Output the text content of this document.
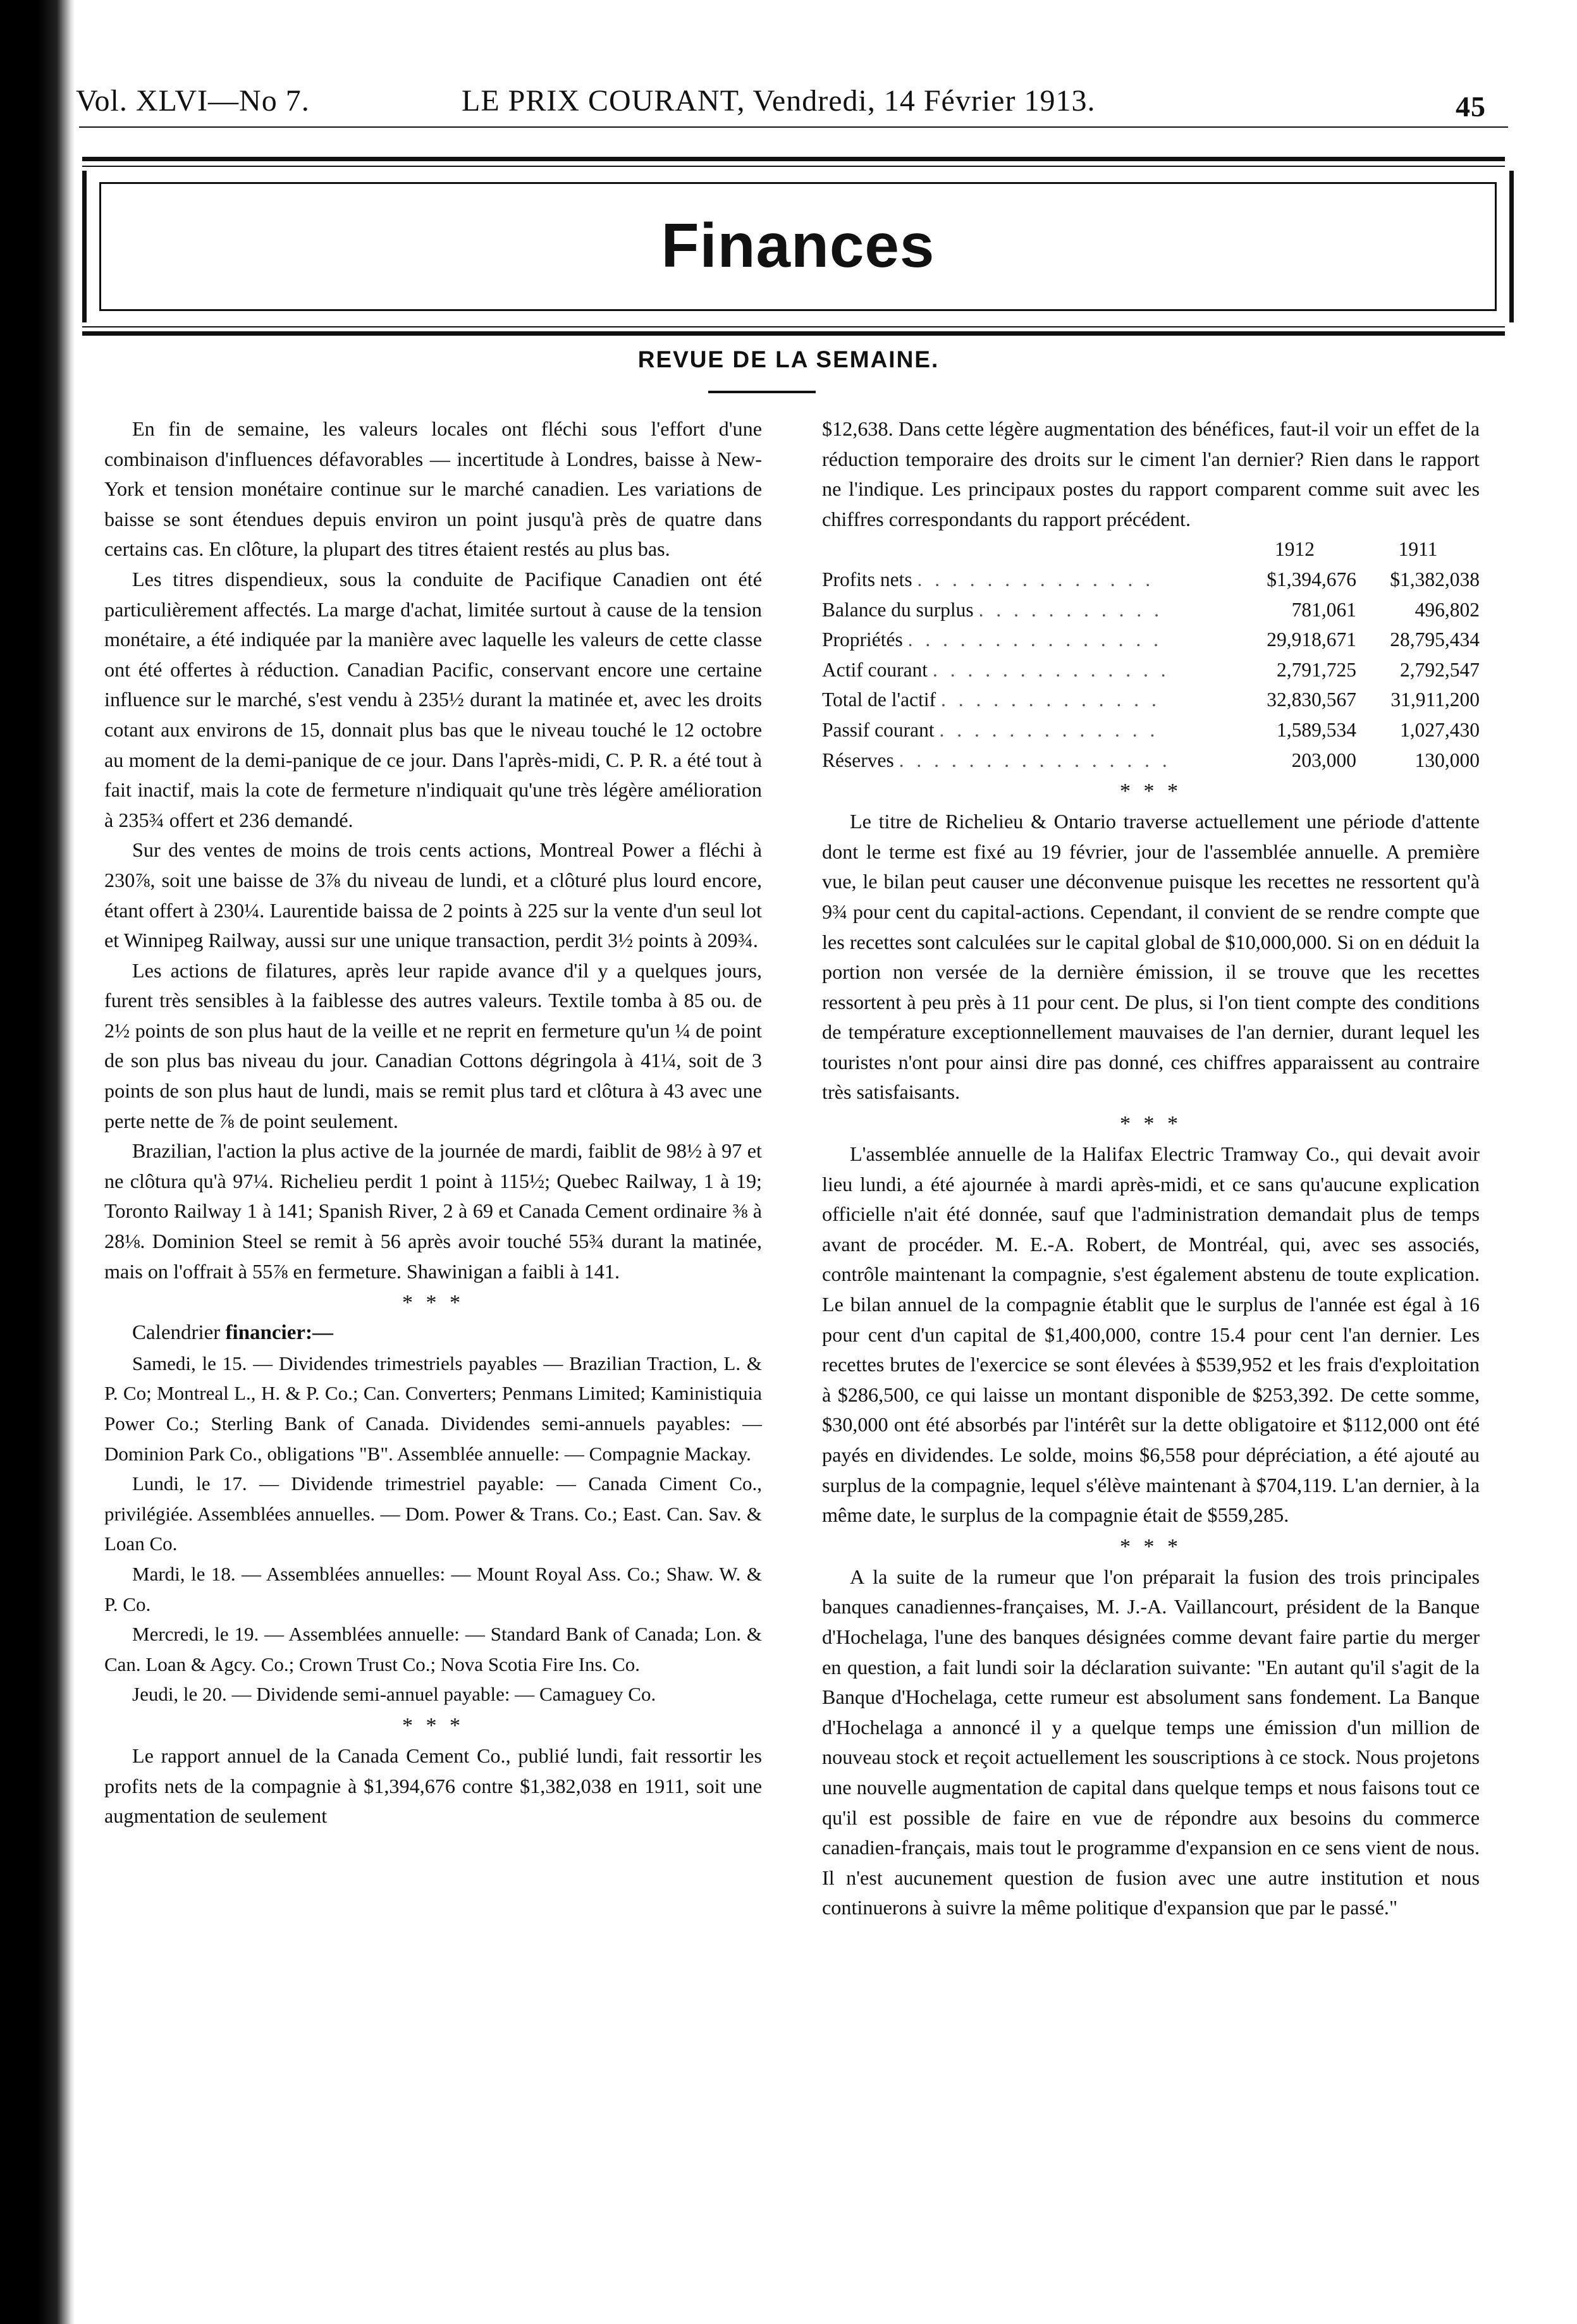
Vol. XLVI—No 7.	LE PRIX COURANT, Vendredi, 14 Février 1913.	45
Finances
REVUE DE LA SEMAINE.

En fin de semaine, les valeurs locales ont fléchi sous l'effort d'une combinaison d'influences défavorables — incertitude à Londres, baisse à New-York et tension monétaire continue sur le marché canadien. Les variations de baisse se sont étendues depuis environ un point jusqu'à près de quatre dans certains cas. En clôture, la plupart des titres étaient restés au plus bas.

Les titres dispendieux, sous la conduite de Pacifique Canadien ont été particulièrement affectés. La marge d'achat, limitée surtout à cause de la tension monétaire, a été indiquée par la manière avec laquelle les valeurs de cette classe ont été offertes à réduction. Canadian Pacific, conservant encore une certaine influence sur le marché, s'est vendu à 235½ durant la matinée et, avec les droits cotant aux environs de 15, donnait plus bas que le niveau touché le 12 octobre au moment de la demi-panique de ce jour. Dans l'après-midi, C. P. R. a été tout à fait inactif, mais la cote de fermeture n'indiquait qu'une très légère amélioration à 235¾ offert et 236 demandé.

Sur des ventes de moins de trois cents actions, Montreal Power a fléchi à 230⅞, soit une baisse de 3⅞ du niveau de lundi, et a clôturé plus lourd encore, étant offert à 230¼. Laurentide baissa de 2 points à 225 sur la vente d'un seul lot et Winnipeg Railway, aussi sur une unique transaction, perdit 3½ points à 209¾.

Les actions de filatures, après leur rapide avance d'il y a quelques jours, furent très sensibles à la faiblesse des autres valeurs. Textile tomba à 85 ou. de 2½ points de son plus haut de la veille et ne reprit en fermeture qu'un ¼ de point de son plus bas niveau du jour. Canadian Cottons dégringola à 41¼, soit de 3 points de son plus haut de lundi, mais se remit plus tard et clôtura à 43 avec une perte nette de ⅞ de point seulement.

Brazilian, l'action la plus active de la journée de mardi, faiblit de 98½ à 97 et ne clôtura qu'à 97¼. Richelieu perdit 1 point à 115½; Quebec Railway, 1 à 19; Toronto Railway 1 à 141; Spanish River, 2 à 69 et Canada Cement ordinaire ⅜ à 28⅛. Dominion Steel se remit à 56 après avoir touché 55¾ durant la matinée, mais on l'offrait à 55⅞ en fermeture. Shawinigan a faibli à 141.

* * *

Calendrier financier:—

Samedi, le 15. — Dividendes trimestriels payables — Brazilian Traction, L. & P. Co; Montreal L., H. & P. Co.; Can. Converters; Penmans Limited; Kaministiquia Power Co.; Sterling Bank of Canada. Dividendes semi-annuels payables: — Dominion Park Co., obligations "B". Assemblée annuelle: — Compagnie Mackay.

Lundi, le 17. — Dividende trimestriel payable: — Canada Ciment Co., privilégiée. Assemblées annuelles. — Dom. Power & Trans. Co.; East. Can. Sav. & Loan Co.

Mardi, le 18. — Assemblées annuelles: — Mount Royal Ass. Co.; Shaw. W. & P. Co.

Mercredi, le 19. — Assemblées annuelle: — Standard Bank of Canada; Lon. & Can. Loan & Agcy. Co.; Crown Trust Co.; Nova Scotia Fire Ins. Co.

Jeudi, le 20. — Dividende semi-annuel payable: — Camaguey Co.

* * *

Le rapport annuel de la Canada Cement Co., publié lundi, fait ressortir les profits nets de la compagnie à $1,394,676 contre $1,382,038 en 1911, soit une augmentation de seulement

$12,638. Dans cette légère augmentation des bénéfices, faut-il voir un effet de la réduction temporaire des droits sur le ciment l'an dernier? Rien dans le rapport ne l'indique. Les principaux postes du rapport comparent comme suit avec les chiffres correspondants du rapport précédent.

	1912	1911
Profits nets . . . . . . . . . . . . . .	$1,394,676	$1,382,038
Balance du surplus . . . . . . . . . . .	781,061	496,802
Propriétés . . . . . . . . . . . . . . .	29,918,671	28,795,434
Actif courant . . . . . . . . . . . . . .	2,791,725	2,792,547
Total de l'actif . . . . . . . . . . . . .	32,830,567	31,911,200
Passif courant . . . . . . . . . . . . .	1,589,534	1,027,430
Réserves . . . . . . . . . . . . . . . .	203,000	130,000
* * *

Le titre de Richelieu & Ontario traverse actuellement une période d'attente dont le terme est fixé au 19 février, jour de l'assemblée annuelle. A première vue, le bilan peut causer une déconvenue puisque les recettes ne ressortent qu'à 9¾ pour cent du capital-actions. Cependant, il convient de se rendre compte que les recettes sont calculées sur le capital global de $10,000,000. Si on en déduit la portion non versée de la dernière émission, il se trouve que les recettes ressortent à peu près à 11 pour cent. De plus, si l'on tient compte des conditions de température exceptionnellement mauvaises de l'an dernier, durant lequel les touristes n'ont pour ainsi dire pas donné, ces chiffres apparaissent au contraire très satisfaisants.

* * *

L'assemblée annuelle de la Halifax Electric Tramway Co., qui devait avoir lieu lundi, a été ajournée à mardi après-midi, et ce sans qu'aucune explication officielle n'ait été donnée, sauf que l'administration demandait plus de temps avant de procéder. M. E.-A. Robert, de Montréal, qui, avec ses associés, contrôle maintenant la compagnie, s'est également abstenu de toute explication. Le bilan annuel de la compagnie établit que le surplus de l'année est égal à 16 pour cent d'un capital de $1,400,000, contre 15.4 pour cent l'an dernier. Les recettes brutes de l'exercice se sont élevées à $539,952 et les frais d'exploitation à $286,500, ce qui laisse un montant disponible de $253,392. De cette somme, $30,000 ont été absorbés par l'intérêt sur la dette obligatoire et $112,000 ont été payés en dividendes. Le solde, moins $6,558 pour dépréciation, a été ajouté au surplus de la compagnie, lequel s'élève maintenant à $704,119. L'an dernier, à la même date, le surplus de la compagnie était de $559,285.

* * *

A la suite de la rumeur que l'on préparait la fusion des trois principales banques canadiennes-françaises, M. J.-A. Vaillancourt, président de la Banque d'Hochelaga, l'une des banques désignées comme devant faire partie du merger en question, a fait lundi soir la déclaration suivante: "En autant qu'il s'agit de la Banque d'Hochelaga, cette rumeur est absolument sans fondement. La Banque d'Hochelaga a annoncé il y a quelque temps une émission d'un million de nouveau stock et reçoit actuellement les souscriptions à ce stock. Nous projetons une nouvelle augmentation de capital dans quelque temps et nous faisons tout ce qu'il est possible de faire en vue de répondre aux besoins du commerce canadien-français, mais tout le programme d'expansion en ce sens vient de nous. Il n'est aucunement question de fusion avec une autre institution et nous continuerons à suivre la même politique d'expansion que par le passé."
